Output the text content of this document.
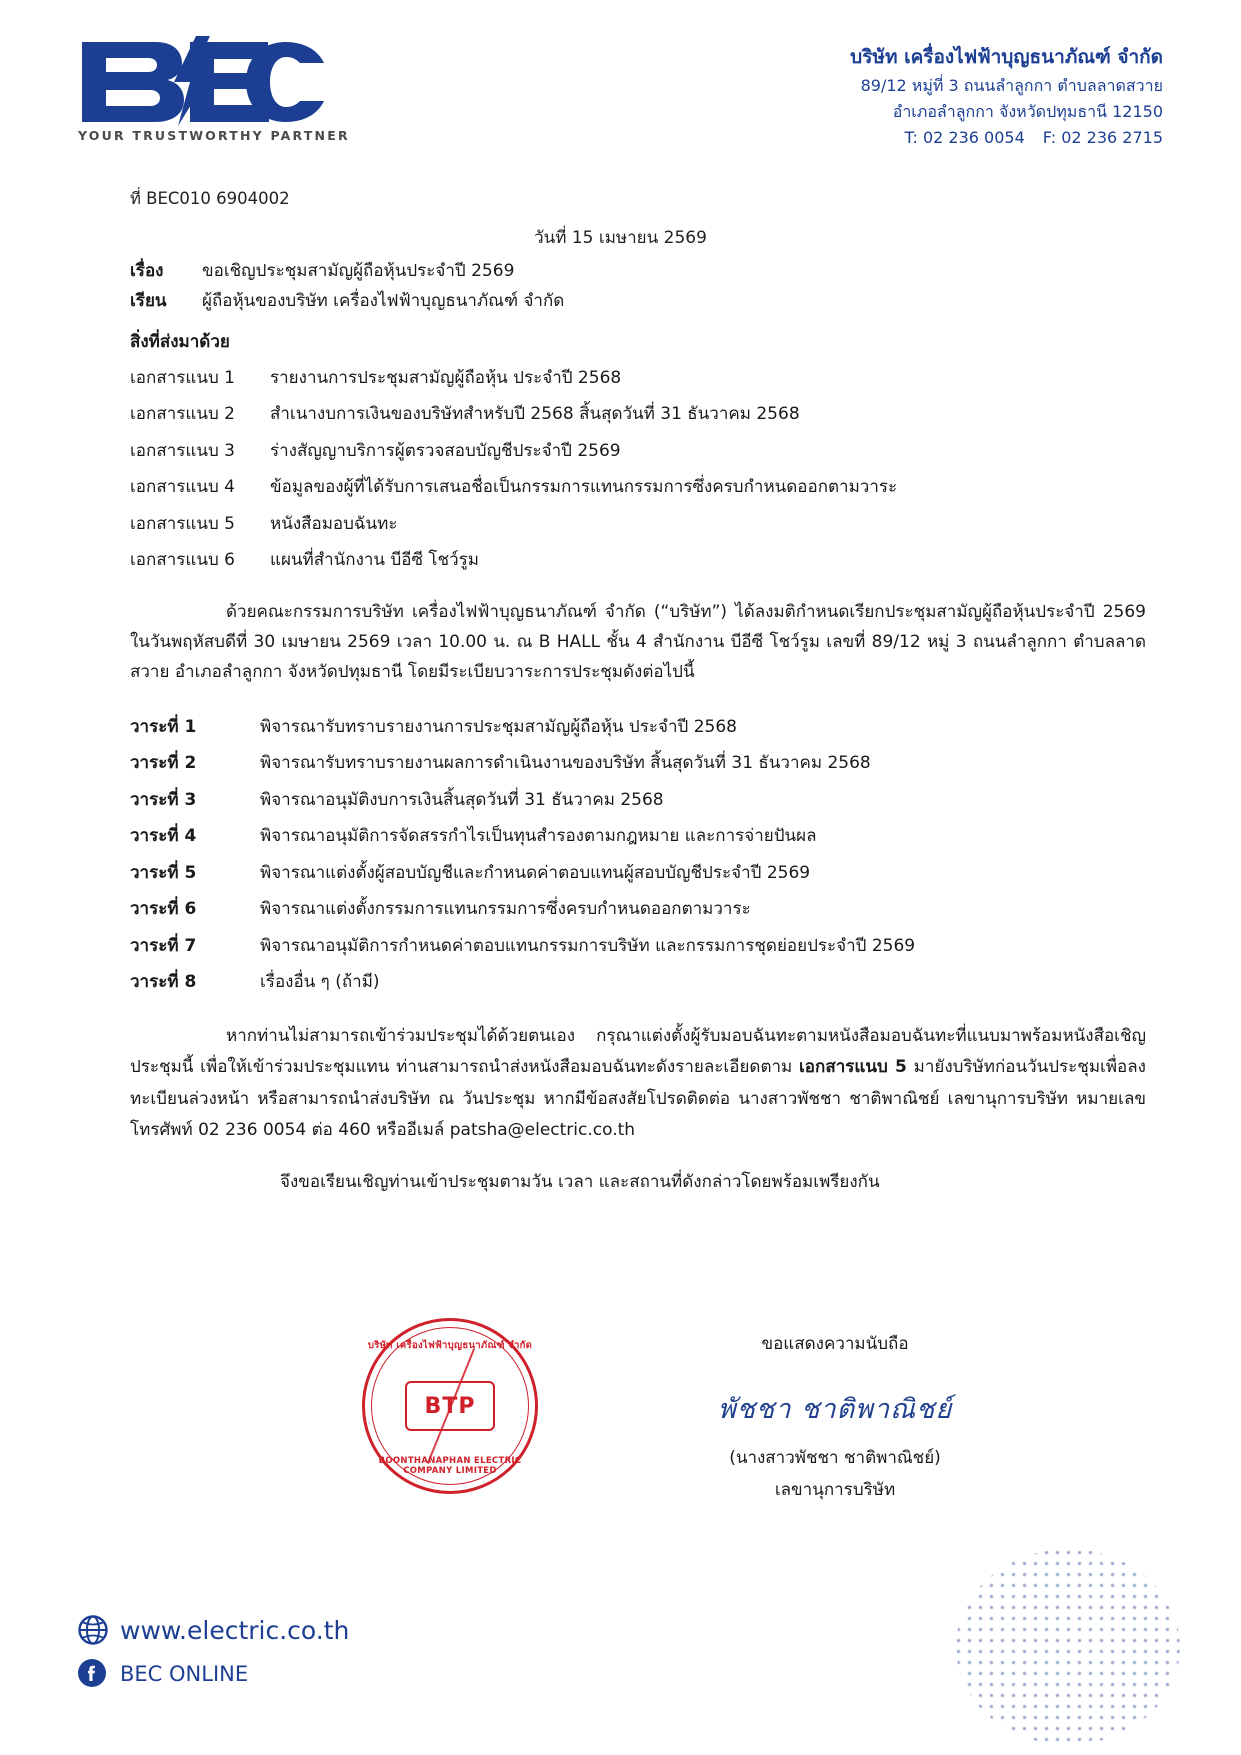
YOUR TRUSTWORTHY PARTNER
บริษัท เครื่องไฟฟ้าบุญธนาภัณฑ์ จำกัด
89/12 หมู่ที่ 3 ถนนลำลูกกา ตำบลลาดสวาย
อำเภอลำลูกกา จังหวัดปทุมธานี 12150
T: 02 236 0054 F: 02 236 2715
ที่ BEC010 6904002
วันที่ 15 เมษายน 2569
เรื่อง	ขอเชิญประชุมสามัญผู้ถือหุ้นประจำปี 2569
เรียน	ผู้ถือหุ้นของบริษัท เครื่องไฟฟ้าบุญธนาภัณฑ์ จำกัด
สิ่งที่ส่งมาด้วย
เอกสารแนบ 1	รายงานการประชุมสามัญผู้ถือหุ้น ประจำปี 2568
เอกสารแนบ 2	สำเนางบการเงินของบริษัทสำหรับปี 2568 สิ้นสุดวันที่ 31 ธันวาคม 2568
เอกสารแนบ 3	ร่างสัญญาบริการผู้ตรวจสอบบัญชีประจำปี 2569
เอกสารแนบ 4	ข้อมูลของผู้ที่ได้รับการเสนอชื่อเป็นกรรมการแทนกรรมการซึ่งครบกำหนดออกตามวาระ
เอกสารแนบ 5	หนังสือมอบฉันทะ
เอกสารแนบ 6	แผนที่สำนักงาน บีอีซี โชว์รูม
ด้วยคณะกรรมการบริษัท เครื่องไฟฟ้าบุญธนาภัณฑ์ จำกัด (“บริษัท”) ได้ลงมติกำหนดเรียกประชุมสามัญผู้ถือหุ้นประจำปี 2569 ในวันพฤหัสบดีที่ 30 เมษายน 2569 เวลา 10.00 น. ณ B HALL ชั้น 4 สำนักงาน บีอีซี โชว์รูม เลขที่ 89/12 หมู่ 3 ถนนลำลูกกา ตำบลลาดสวาย อำเภอลำลูกกา จังหวัดปทุมธานี โดยมีระเบียบวาระการประชุมดังต่อไปนี้
วาระที่ 1	พิจารณารับทราบรายงานการประชุมสามัญผู้ถือหุ้น ประจำปี 2568
วาระที่ 2	พิจารณารับทราบรายงานผลการดำเนินงานของบริษัท สิ้นสุดวันที่ 31 ธันวาคม 2568
วาระที่ 3	พิจารณาอนุมัติงบการเงินสิ้นสุดวันที่ 31 ธันวาคม 2568
วาระที่ 4	พิจารณาอนุมัติการจัดสรรกำไรเป็นทุนสำรองตามกฎหมาย และการจ่ายปันผล
วาระที่ 5	พิจารณาแต่งตั้งผู้สอบบัญชีและกำหนดค่าตอบแทนผู้สอบบัญชีประจำปี 2569
วาระที่ 6	พิจารณาแต่งตั้งกรรมการแทนกรรมการซึ่งครบกำหนดออกตามวาระ
วาระที่ 7	พิจารณาอนุมัติการกำหนดค่าตอบแทนกรรมการบริษัท และกรรมการชุดย่อยประจำปี 2569
วาระที่ 8	เรื่องอื่น ๆ (ถ้ามี)
หากท่านไม่สามารถเข้าร่วมประชุมได้ด้วยตนเอง กรุณาแต่งตั้งผู้รับมอบฉันทะตามหนังสือมอบฉันทะที่แนบมาพร้อมหนังสือเชิญประชุมนี้ เพื่อให้เข้าร่วมประชุมแทน ท่านสามารถนำส่งหนังสือมอบฉันทะดังรายละเอียดตาม เอกสารแนบ 5 มายังบริษัทก่อนวันประชุมเพื่อลงทะเบียนล่วงหน้า หรือสามารถนำส่งบริษัท ณ วันประชุม หากมีข้อสงสัยโปรดติดต่อ นางสาวพัชชา ชาติพาณิชย์ เลขานุการบริษัท หมายเลขโทรศัพท์ 02 236 0054 ต่อ 460 หรืออีเมล์ patsha@electric.co.th
จึงขอเรียนเชิญท่านเข้าประชุมตามวัน เวลา และสถานที่ดังกล่าวโดยพร้อมเพรียงกัน
บริษัท เครื่องไฟฟ้าบุญธนาภัณฑ์ จำกัด
BTP
BOONTHANAPHAN ELECTRIC COMPANY LIMITED
ขอแสดงความนับถือ
พัชชา ชาติพาณิชย์
(นางสาวพัชชา ชาติพาณิชย์)
เลขานุการบริษัท
www.electric.co.th
BEC ONLINE
